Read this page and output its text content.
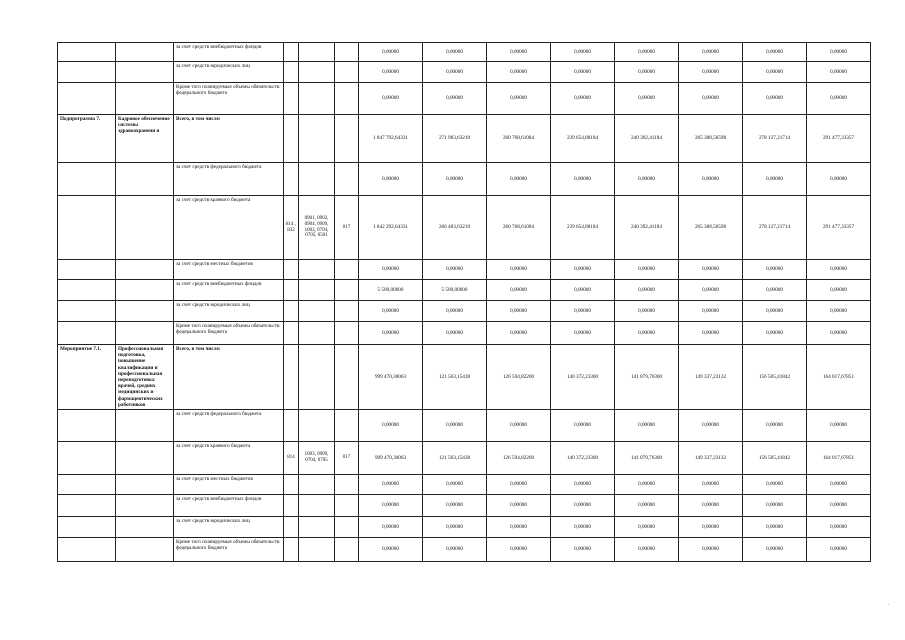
		за счет средств внебюджетных фондов				0,00000	0,00000	0,00000	0,00000	0,00000	0,00000	0,00000	0,00000
		за счет средств юридических лиц				0,00000	0,00000	0,00000	0,00000	0,00000	0,00000	0,00000	0,00000
		Кроме того планируемые объемы обязательств федерального бюджета				0,00000	0,00000	0,00000	0,00000	0,00000	0,00000	0,00000	0,00000
Подпрограмма 7.	Кадровое обеспечение системы здравоохранени я	Всего, в том числе:				1 847 792,64331	271 983,63210	260 768,61084	239 654,88184	240 392,41184	265 388,56598	278 127,21714	291 477,33357
		за счет средств федерального бюджета				0,00000	0,00000	0,00000	0,00000	0,00000	0,00000	0,00000	0,00000
		за счет средств краевого бюджета	814 , 832	0901, 0902, 0904, 0909, 1003, 0704, 0705, 0501	017	1 842 292,64331	266 483,63210	260 768,61084	239 654,88184	240 392,41184	265 388,56598	278 127,21714	291 477,33357
		за счет средств местных бюджетов				0,00000	0,00000	0,00000	0,00000	0,00000	0,00000	0,00000	0,00000
		за счет средств внебюджетных фондов				5 500,00000	5 500,00000	0,00000	0,00000	0,00000	0,00000	0,00000	0,00000
		за счет средств юридических лиц				0,00000	0,00000	0,00000	0,00000	0,00000	0,00000	0,00000	0,00000
		Кроме того планируемые объемы обязательств федерального бюджета				0,00000	0,00000	0,00000	0,00000	0,00000	0,00000	0,00000	0,00000
Мероприятие 7.1.	Профессиональная подготовка, повышение квалификации и профессиональная переподготовка врачей, средних медицинских и фармацевтических работников	Всего, в том числе:				999 470,30063	121 563,15438	126 594,82200	140 372,23300	141 079,76300	149 337,23132	156 505,41842	164 017,67851
		за счет средств федерального бюджета				0,00000	0,00000	0,00000	0,00000	0,00000	0,00000	0,00000	0,00000
		за счет средств краевого бюджета	814	1003, 0909, 0704, 0705	017	999 470,30063	121 563,15438	126 594,82200	140 372,23300	141 079,76300	149 337,23132	156 505,41842	164 017,67851
		за счет средств местных бюджетов				0,00000	0,00000	0,00000	0,00000	0,00000	0,00000	0,00000	0,00000
		за счет средств внебюджетных фондов				0,00000	0,00000	0,00000	0,00000	0,00000	0,00000	0,00000	0,00000
		за счет средств юридических лиц				0,00000	0,00000	0,00000	0,00000	0,00000	0,00000	0,00000	0,00000
		Кроме того планируемые объемы обязательств федерального бюджета				0,00000	0,00000	0,00000	0,00000	0,00000	0,00000	0,00000	0,00000
.
